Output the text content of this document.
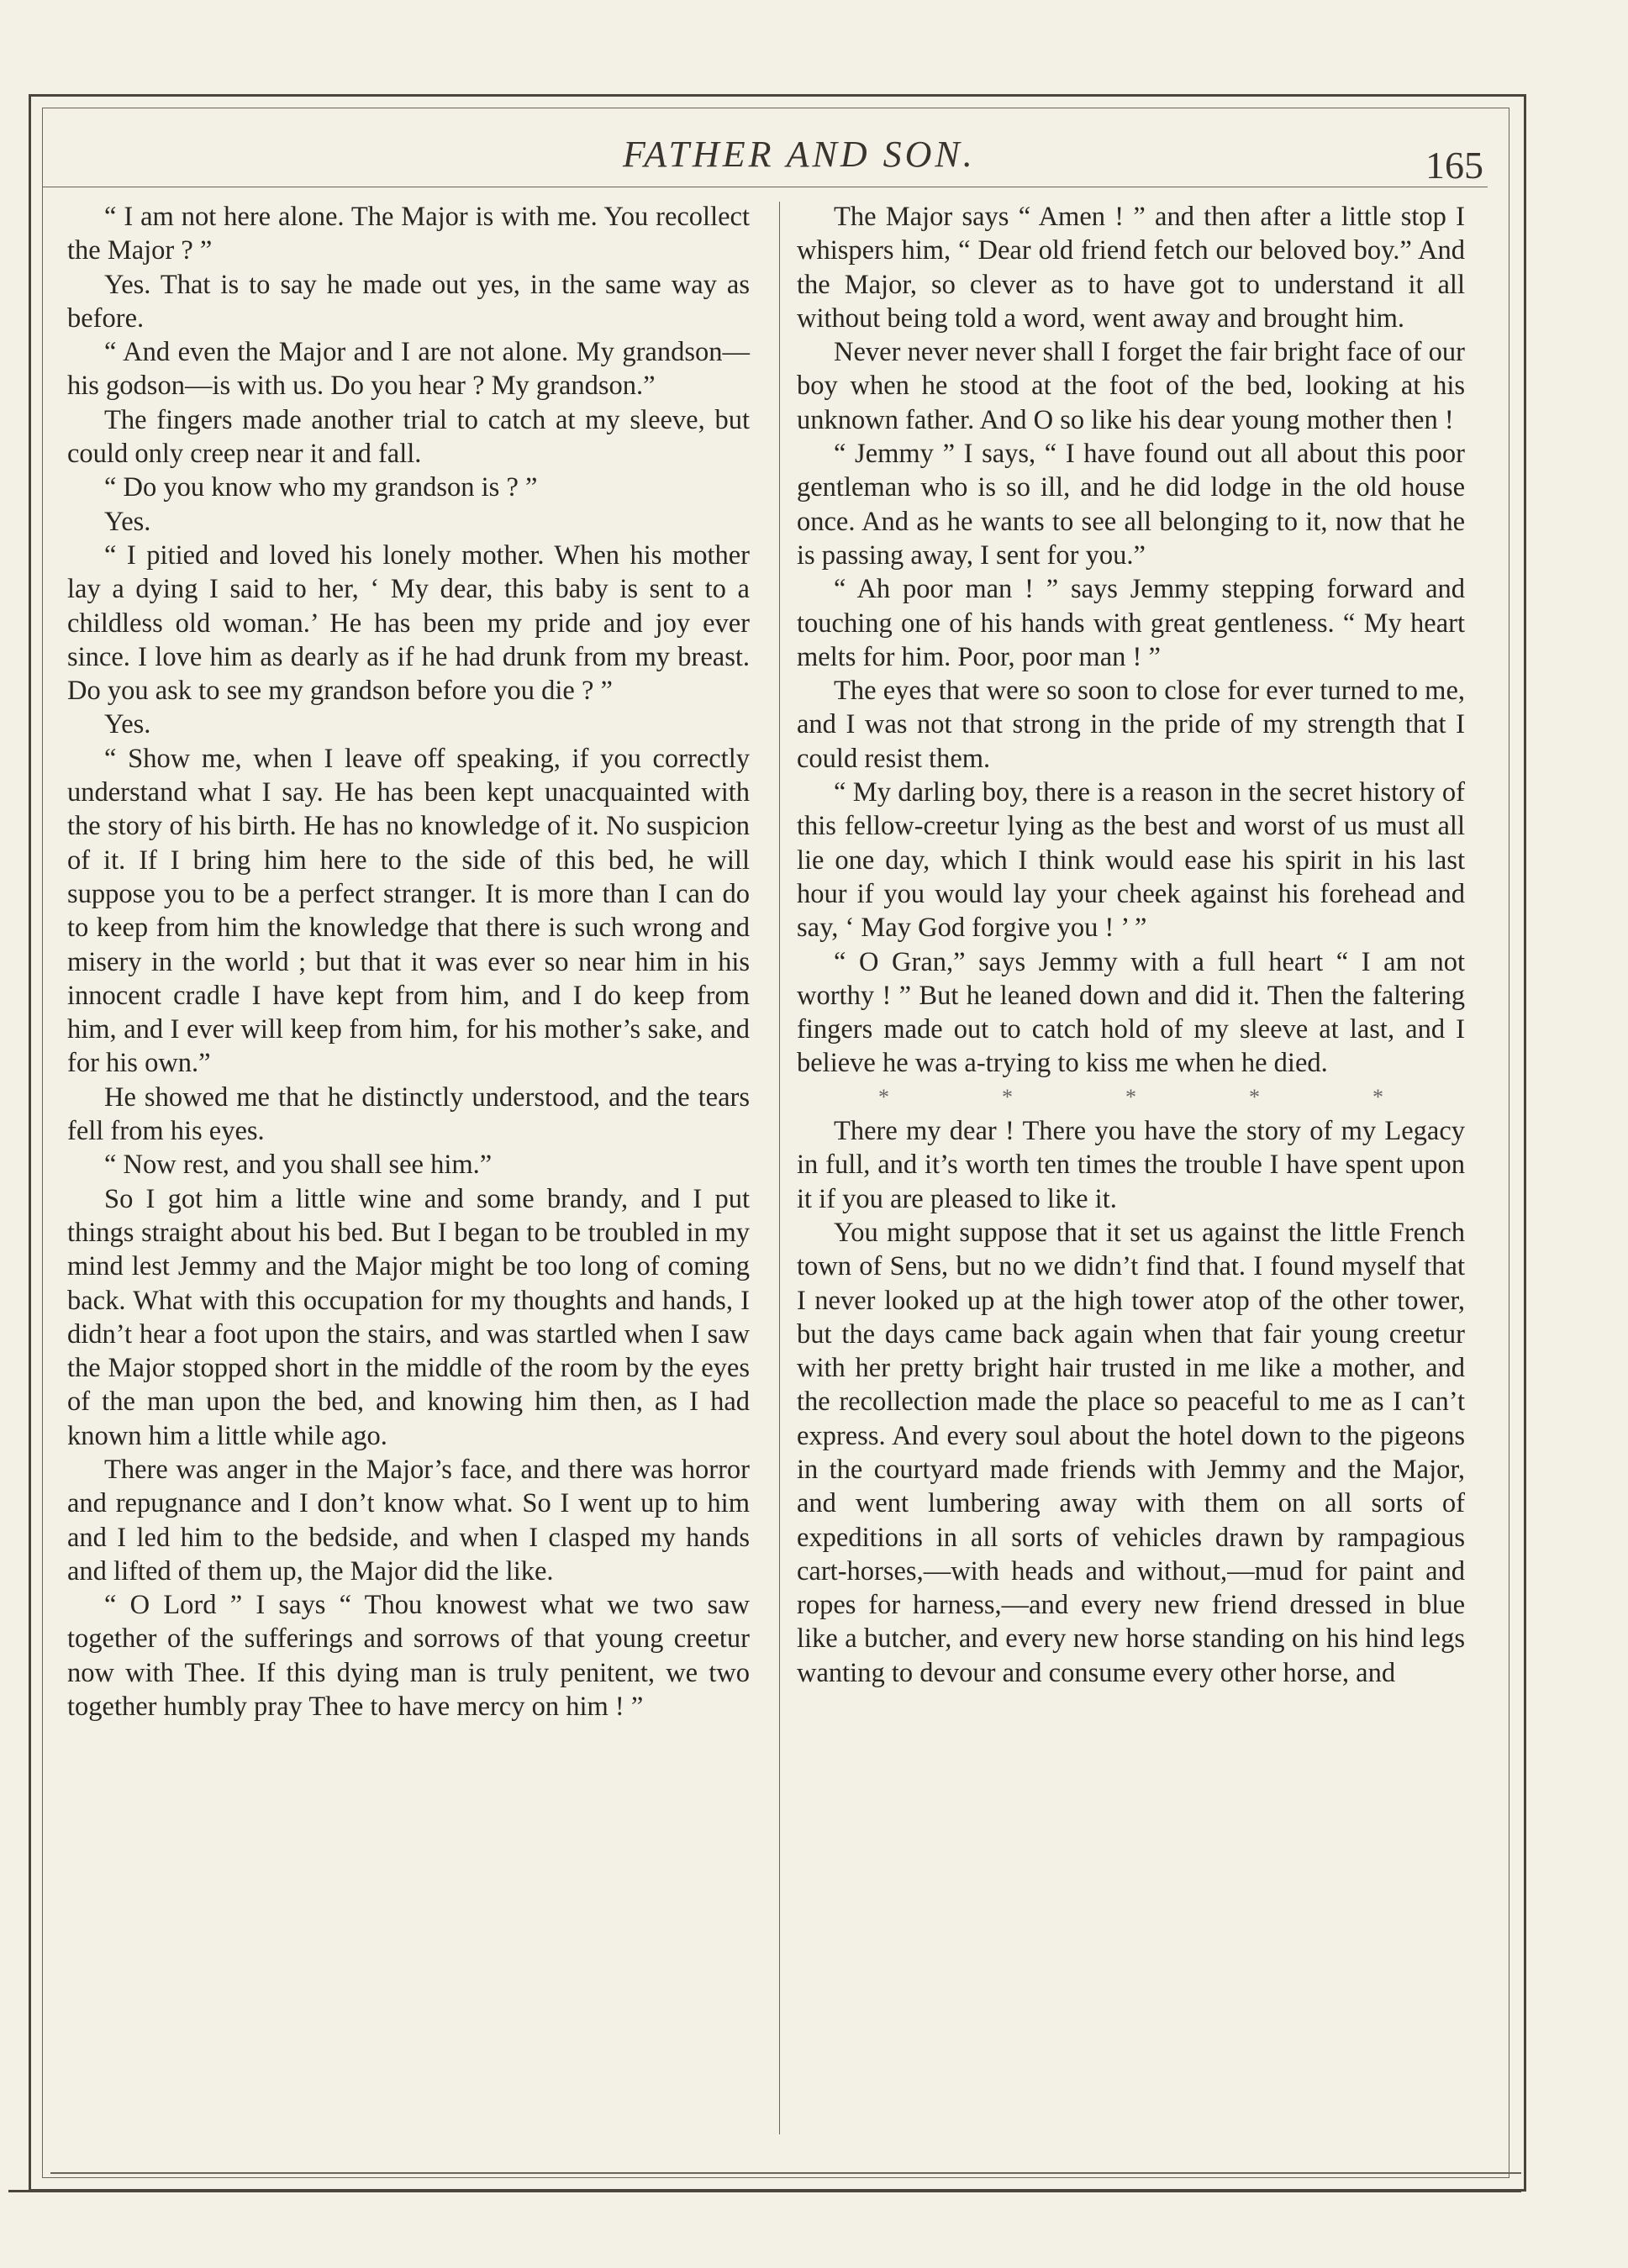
FATHER AND SON.	165

“ I am not here alone. The Major is with me. You recollect the Major ? ”

Yes. That is to say he made out yes, in the same way as before.

“ And even the Major and I are not alone. My grandson—his godson—is with us. Do you hear ? My grandson.”

The fingers made another trial to catch at my sleeve, but could only creep near it and fall.

“ Do you know who my grandson is ? ”

Yes.

“ I pitied and loved his lonely mother. When his mother lay a dying I said to her, ‘ My dear, this baby is sent to a childless old woman.’ He has been my pride and joy ever since. I love him as dearly as if he had drunk from my breast. Do you ask to see my grandson before you die ? ”

Yes.

“ Show me, when I leave off speaking, if you correctly understand what I say. He has been kept unacquainted with the story of his birth. He has no knowledge of it. No suspicion of it. If I bring him here to the side of this bed, he will suppose you to be a perfect stranger. It is more than I can do to keep from him the knowledge that there is such wrong and misery in the world ; but that it was ever so near him in his innocent cradle I have kept from him, and I do keep from him, and I ever will keep from him, for his mother’s sake, and for his own.”

He showed me that he distinctly understood, and the tears fell from his eyes.

“ Now rest, and you shall see him.”

So I got him a little wine and some brandy, and I put things straight about his bed. But I began to be troubled in my mind lest Jemmy and the Major might be too long of coming back. What with this occupation for my thoughts and hands, I didn’t hear a foot upon the stairs, and was startled when I saw the Major stopped short in the middle of the room by the eyes of the man upon the bed, and knowing him then, as I had known him a little while ago.

There was anger in the Major’s face, and there was horror and repugnance and I don’t know what. So I went up to him and I led him to the bedside, and when I clasped my hands and lifted of them up, the Major did the like.

“ O Lord ” I says “ Thou knowest what we two saw together of the sufferings and sorrows of that young creetur now with Thee. If this dying man is truly penitent, we two together humbly pray Thee to have mercy on him ! ”

The Major says “ Amen ! ” and then after a little stop I whispers him, “ Dear old friend fetch our beloved boy.” And the Major, so clever as to have got to understand it all without being told a word, went away and brought him.

Never never never shall I forget the fair bright face of our boy when he stood at the foot of the bed, looking at his unknown father. And O so like his dear young mother then !

“ Jemmy ” I says, “ I have found out all about this poor gentleman who is so ill, and he did lodge in the old house once. And as he wants to see all belonging to it, now that he is passing away, I sent for you.”

“ Ah poor man ! ” says Jemmy stepping forward and touching one of his hands with great gentleness. “ My heart melts for him. Poor, poor man ! ”

The eyes that were so soon to close for ever turned to me, and I was not that strong in the pride of my strength that I could resist them.

“ My darling boy, there is a reason in the secret history of this fellow-creetur lying as the best and worst of us must all lie one day, which I think would ease his spirit in his last hour if you would lay your cheek against his forehead and say, ‘ May God forgive you ! ’ ”

“ O Gran,” says Jemmy with a full heart “ I am not worthy ! ” But he leaned down and did it. Then the faltering fingers made out to catch hold of my sleeve at last, and I believe he was a-trying to kiss me when he died.

*	*	*	*	*

There my dear ! There you have the story of my Legacy in full, and it’s worth ten times the trouble I have spent upon it if you are pleased to like it.

You might suppose that it set us against the little French town of Sens, but no we didn’t find that. I found myself that I never looked up at the high tower atop of the other tower, but the days came back again when that fair young creetur with her pretty bright hair trusted in me like a mother, and the recollection made the place so peaceful to me as I can’t express. And every soul about the hotel down to the pigeons in the courtyard made friends with Jemmy and the Major, and went lumbering away with them on all sorts of expeditions in all sorts of vehicles drawn by rampagious cart-horses,—with heads and without,—mud for paint and ropes for harness,—and every new friend dressed in blue like a butcher, and every new horse standing on his hind legs wanting to devour and consume every other horse, and
